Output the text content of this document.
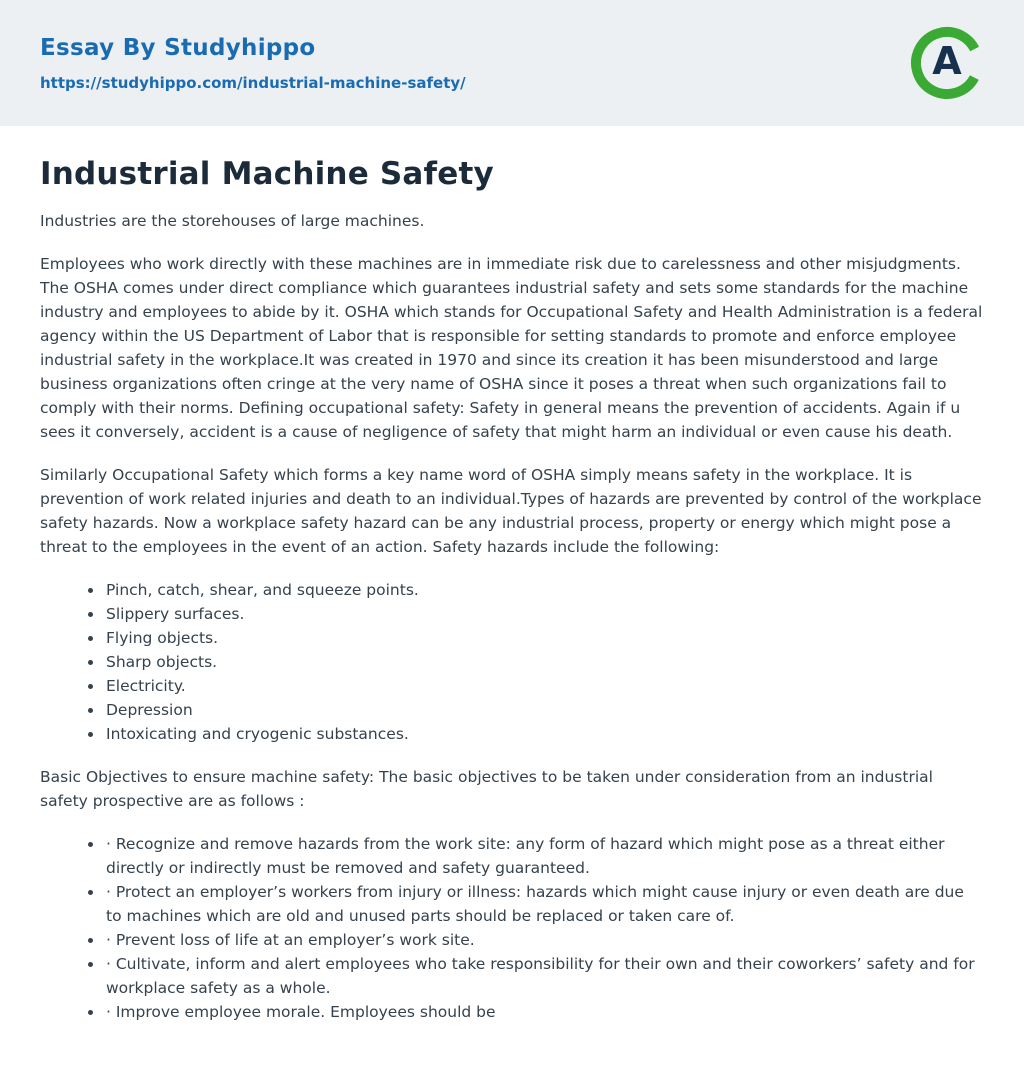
Essay By Studyhippo
https://studyhippo.com/industrial-machine-safety/	A
Industrial Machine Safety

Industries are the storehouses of large machines.

Employees who work directly with these machines are in immediate risk due to carelessness and other misjudgments. The OSHA comes under direct compliance which guarantees industrial safety and sets some standards for the machine industry and employees to abide by it. OSHA which stands for Occupational Safety and Health Administration is a federal agency within the US Department of Labor that is responsible for setting standards to promote and enforce employee industrial safety in the workplace.It was created in 1970 and since its creation it has been misunderstood and large business organizations often cringe at the very name of OSHA since it poses a threat when such organizations fail to comply with their norms. Defining occupational safety: Safety in general means the prevention of accidents. Again if u sees it conversely, accident is a cause of negligence of safety that might harm an individual or even cause his death.

Similarly Occupational Safety which forms a key name word of OSHA simply means safety in the workplace. It is prevention of work related injuries and death to an individual.Types of hazards are prevented by control of the workplace safety hazards. Now a workplace safety hazard can be any industrial process, property or energy which might pose a threat to the employees in the event of an action. Safety hazards include the following:

• Pinch, catch, shear, and squeeze points.
• Slippery surfaces.
• Flying objects.
• Sharp objects.
• Electricity.
• Depression
• Intoxicating and cryogenic substances.

Basic Objectives to ensure machine safety: The basic objectives to be taken under consideration from an industrial safety prospective are as follows :

• · Recognize and remove hazards from the work site: any form of hazard which might pose as a threat either directly or indirectly must be removed and safety guaranteed.
• · Protect an employer’s workers from injury or illness: hazards which might cause injury or even death are due to machines which are old and unused parts should be replaced or taken care of.
• · Prevent loss of life at an employer’s work site.
• · Cultivate, inform and alert employees who take responsibility for their own and their coworkers’ safety and for workplace safety as a whole.
• · Improve employee morale. Employees should be
